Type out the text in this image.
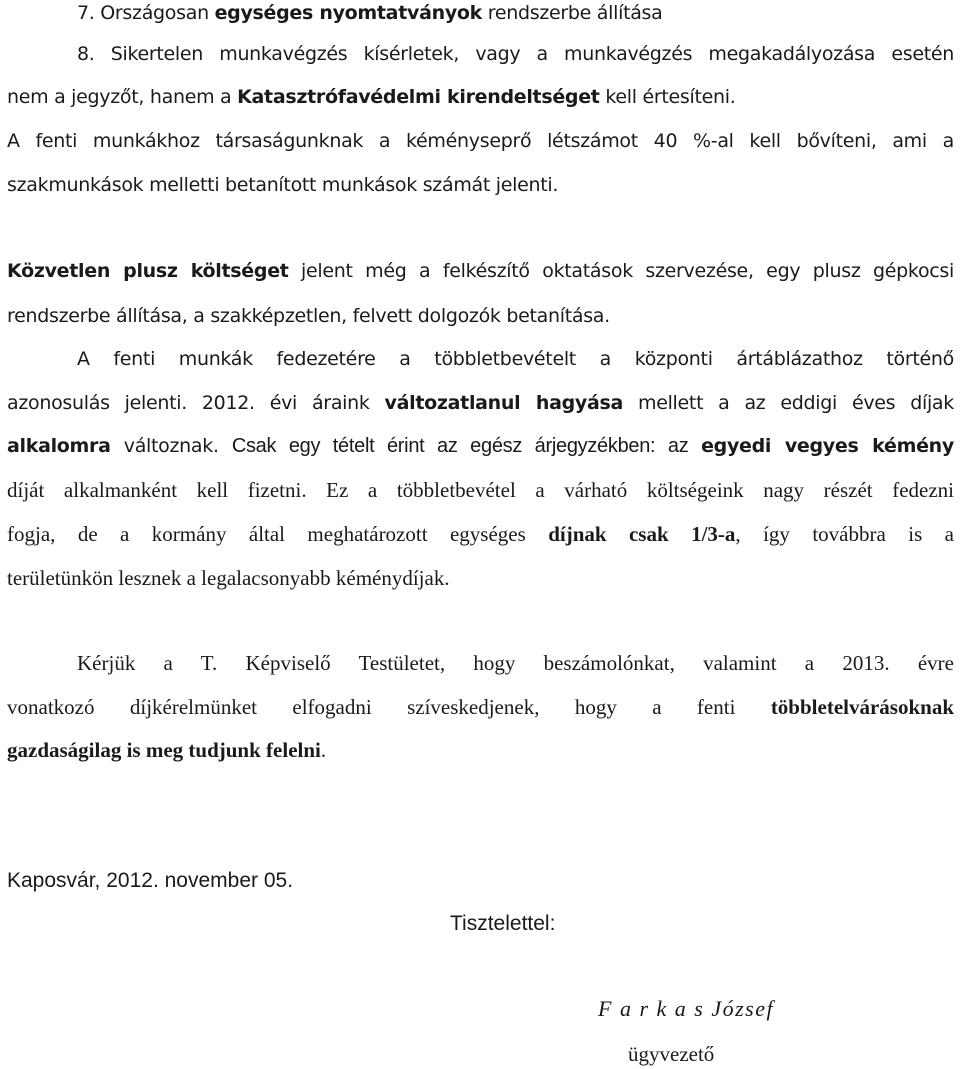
7. Országosan egységes nyomtatványok rendszerbe állítása
8. Sikertelen munkavégzés kísérletek, vagy a munkavégzés megakadályozása esetén
nem a jegyzőt, hanem a Katasztrófavédelmi kirendeltséget kell értesíteni.
A fenti munkákhoz társaságunknak a kéményseprő létszámot 40 %-al kell bővíteni, ami a
szakmunkások melletti betanított munkások számát jelenti.
Közvetlen plusz költséget jelent még a felkészítő oktatások szervezése, egy plusz gépkocsi
rendszerbe állítása, a szakképzetlen, felvett dolgozók betanítása.
A fenti munkák fedezetére a többletbevételt a központi ártáblázathoz történő
azonosulás jelenti. 2012. évi áraink változatlanul hagyása mellett a az eddigi éves díjak
alkalomra változnak. Csak egy tételt érint az egész árjegyzékben: az egyedi vegyes kémény
díját alkalmanként kell fizetni. Ez a többletbevétel a várható költségeink nagy részét fedezni
fogja, de a kormány által meghatározott egységes díjnak csak 1/3-a, így továbbra is a
területünkön lesznek a legalacsonyabb kéménydíjak.
Kérjük a T. Képviselő Testületet, hogy beszámolónkat, valamint a 2013. évre
vonatkozó díjkérelmünket elfogadni szíveskedjenek, hogy a fenti többletelvárásoknak
gazdaságilag is meg tudjunk felelni.
Kaposvár, 2012. november 05.
Tisztelettel:
F a r k a s József
ügyvezető
